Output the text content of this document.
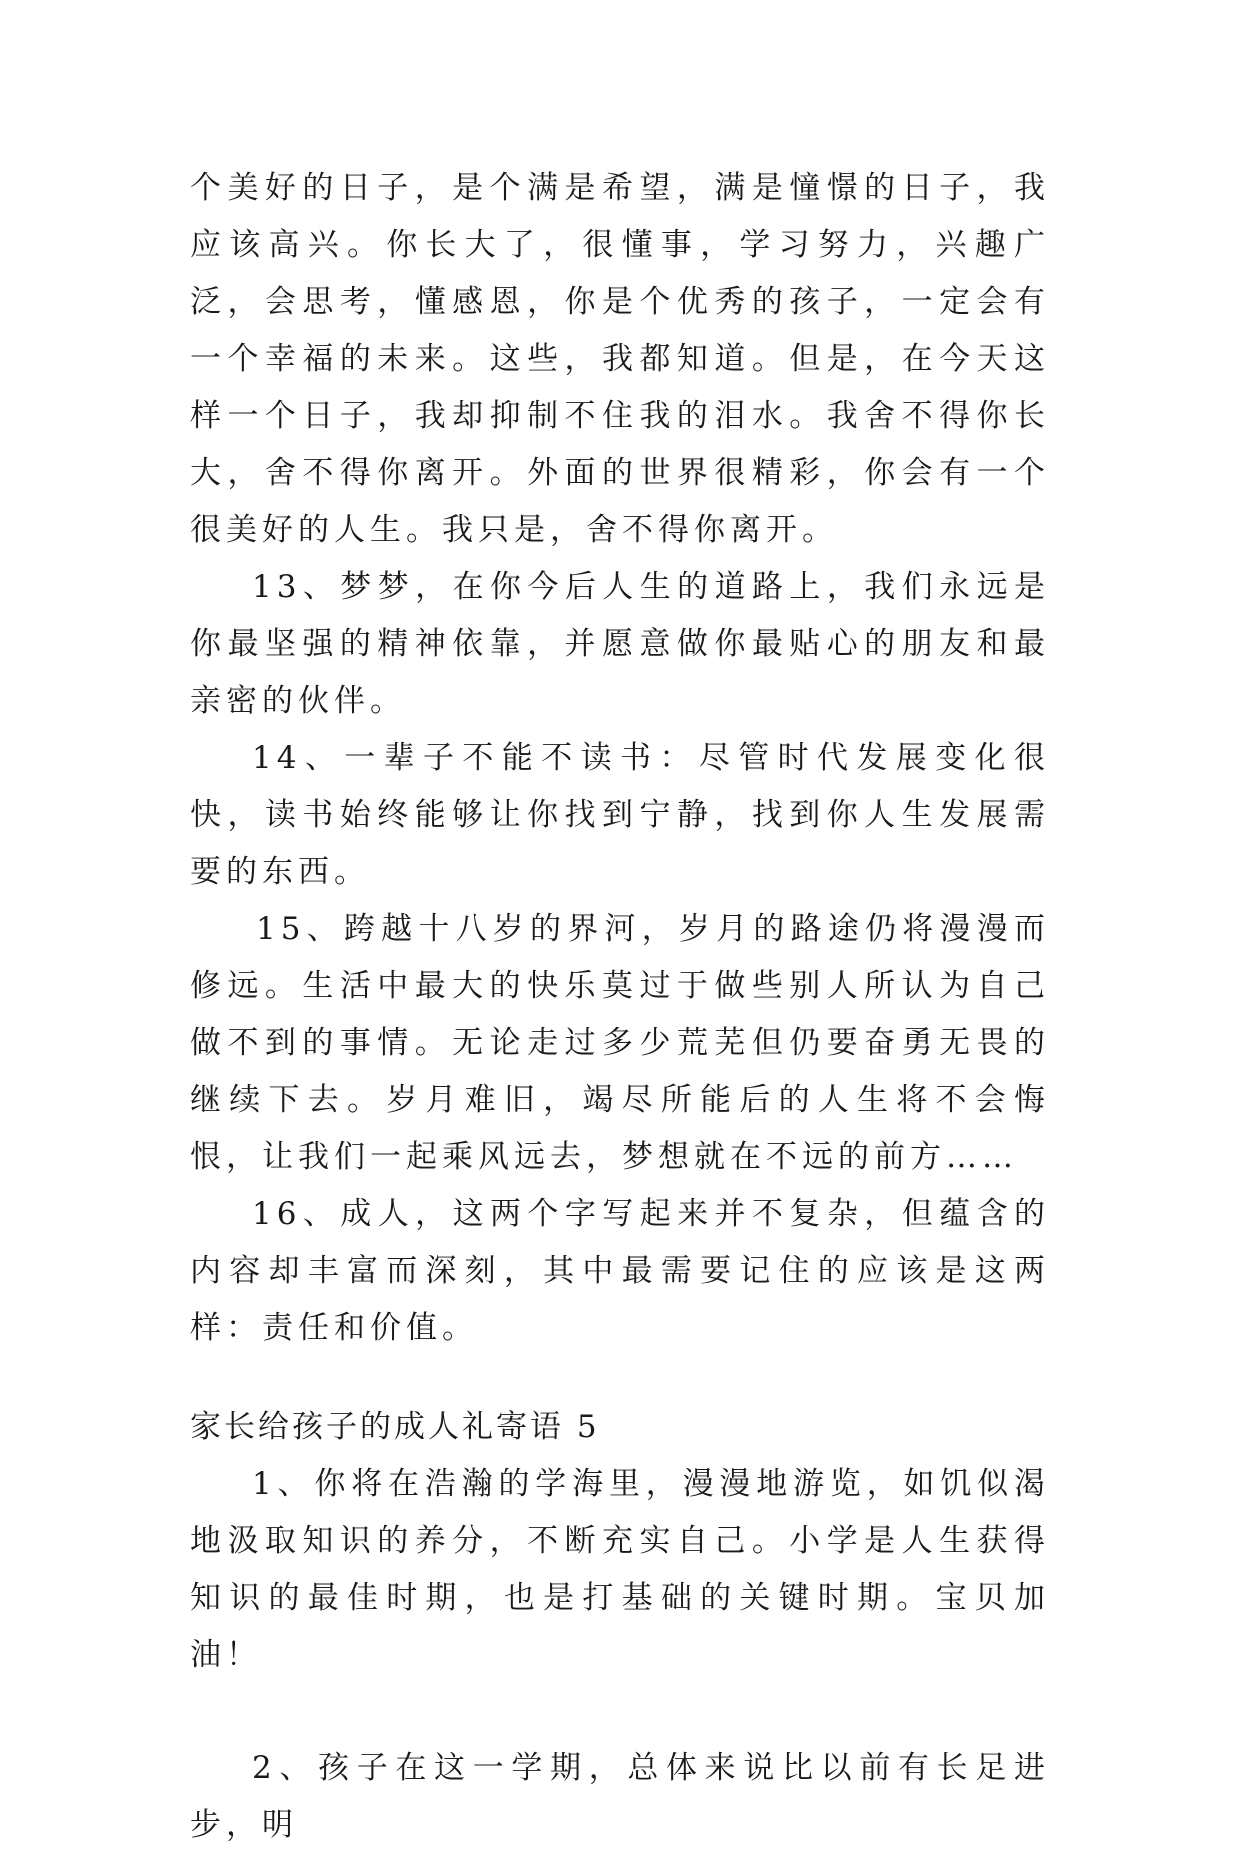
个美好的日子，是个满是希望，满是憧憬的日子，我应该高兴。你长大了，很懂事，学习努力，兴趣广泛，会思考，懂感恩，你是个优秀的孩子，一定会有一个幸福的未来。这些，我都知道。但是，在今天这样一个日子，我却抑制不住我的泪水。我舍不得你长大，舍不得你离开。外面的世界很精彩，你会有一个很美好的人生。我只是，舍不得你离开。

13、梦梦，在你今后人生的道路上，我们永远是你最坚强的精神依靠，并愿意做你最贴心的朋友和最亲密的伙伴。

14、一辈子不能不读书：尽管时代发展变化很快，读书始终能够让你找到宁静，找到你人生发展需要的东西。

15、跨越十八岁的界河，岁月的路途仍将漫漫而修远。生活中最大的快乐莫过于做些别人所认为自己做不到的事情。无论走过多少荒芜但仍要奋勇无畏的继续下去。岁月难旧，竭尽所能后的人生将不会悔恨，让我们一起乘风远去，梦想就在不远的前方……

16、成人，这两个字写起来并不复杂，但蕴含的内容却丰富而深刻，其中最需要记住的应该是这两样：责任和价值。

家长给孩子的成人礼寄语 5

1、你将在浩瀚的学海里，漫漫地游览，如饥似渴地汲取知识的养分，不断充实自己。小学是人生获得知识的最佳时期，也是打基础的关键时期。宝贝加油！

2、孩子在这一学期，总体来说比以前有长足进步，明
